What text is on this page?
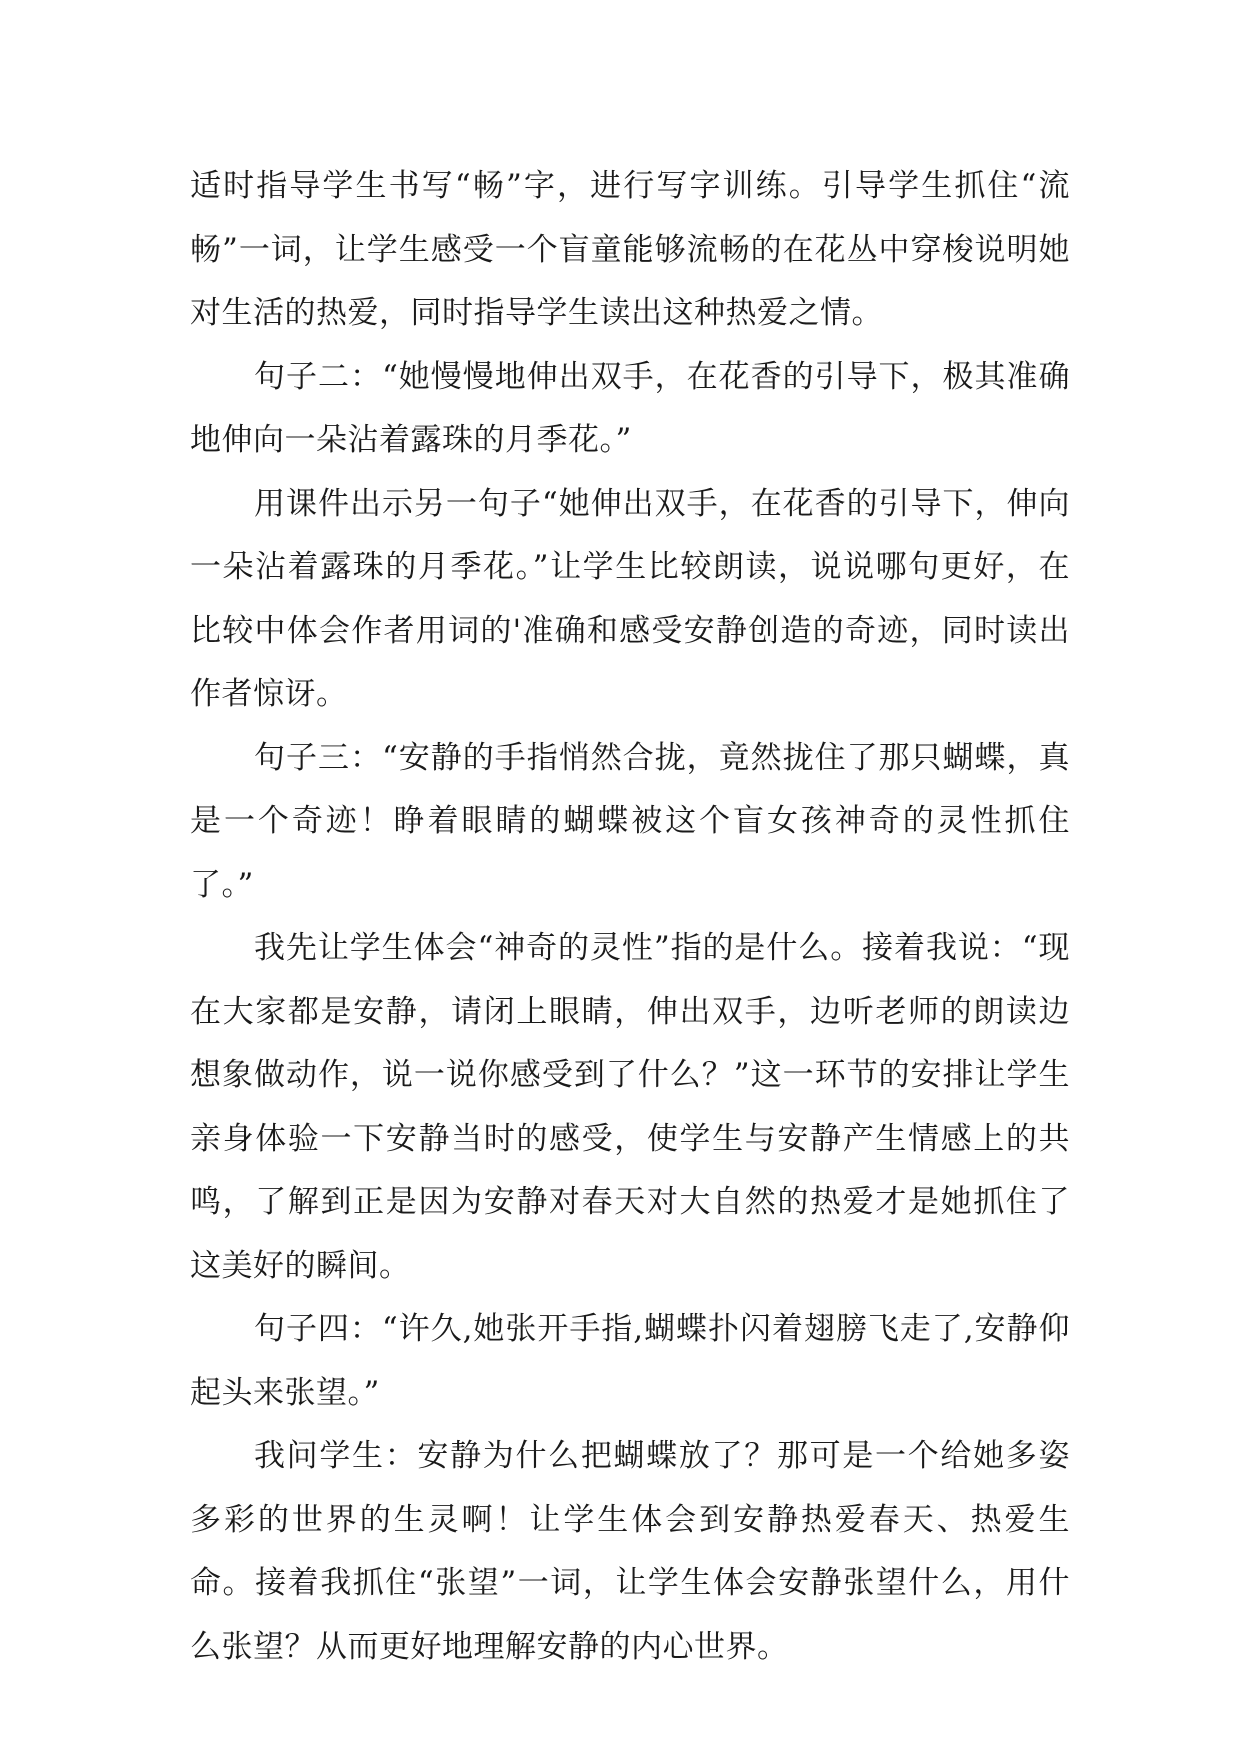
适时指导学生书写“畅”字，进行写字训练。引导学生抓住“流畅”一词，让学生感受一个盲童能够流畅的在花丛中穿梭说明她对生活的热爱，同时指导学生读出这种热爱之情。

句子二：“她慢慢地伸出双手，在花香的引导下，极其准确地伸向一朵沾着露珠的月季花。”

用课件出示另一句子“她伸出双手，在花香的引导下，伸向一朵沾着露珠的月季花。”让学生比较朗读，说说哪句更好，在比较中体会作者用词的'准确和感受安静创造的奇迹，同时读出作者惊讶。

句子三：“安静的手指悄然合拢，竟然拢住了那只蝴蝶，真是一个奇迹！睁着眼睛的蝴蝶被这个盲女孩神奇的灵性抓住了。”

我先让学生体会“神奇的灵性”指的是什么。接着我说：“现在大家都是安静，请闭上眼睛，伸出双手，边听老师的朗读边想象做动作，说一说你感受到了什么？”这一环节的安排让学生亲身体验一下安静当时的感受，使学生与安静产生情感上的共鸣，了解到正是因为安静对春天对大自然的热爱才是她抓住了这美好的瞬间。

句子四：“许久,她张开手指,蝴蝶扑闪着翅膀飞走了,安静仰起头来张望。”

我问学生：安静为什么把蝴蝶放了？那可是一个给她多姿多彩的世界的生灵啊！让学生体会到安静热爱春天、热爱生命。接着我抓住“张望”一词，让学生体会安静张望什么，用什么张望？从而更好地理解安静的内心世界。
